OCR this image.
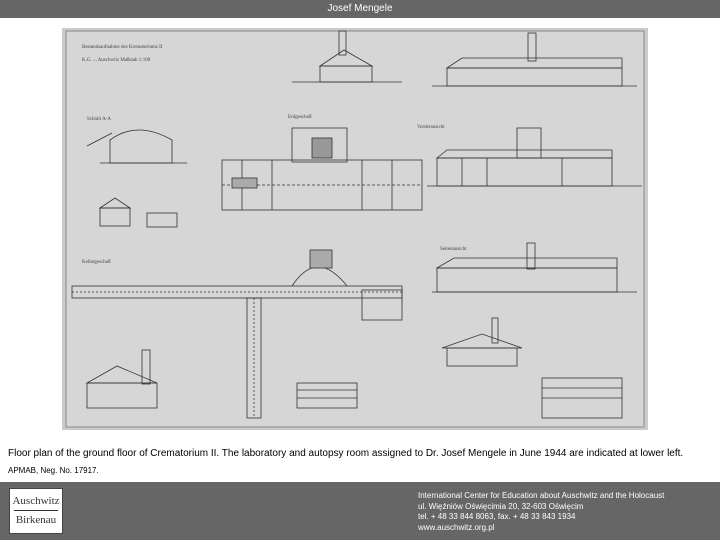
Josef Mengele
Bestandsaufnahme des Krematoriums II
K.G. ... Auschwitz Maßstab 1:100
Vorderansicht
Schnitt A-A	Erdgeschoß
Kellergeschoß
Seitenansicht
Floor plan of the ground floor of Crematorium II. The laboratory and autopsy room assigned to Dr. Josef Mengele in June 1944 are indicated at lower left.
APMAB, Neg. No. 17917.
Auschwitz
Birkenau
International Center for Education about Auschwitz and the Holocaust
ul. Więźniów Oświęcimia 20, 32-603 Oświęcim
tel. + 48 33 844 8063, fax. + 48 33 843 1934
www.auschwitz.org.pl
